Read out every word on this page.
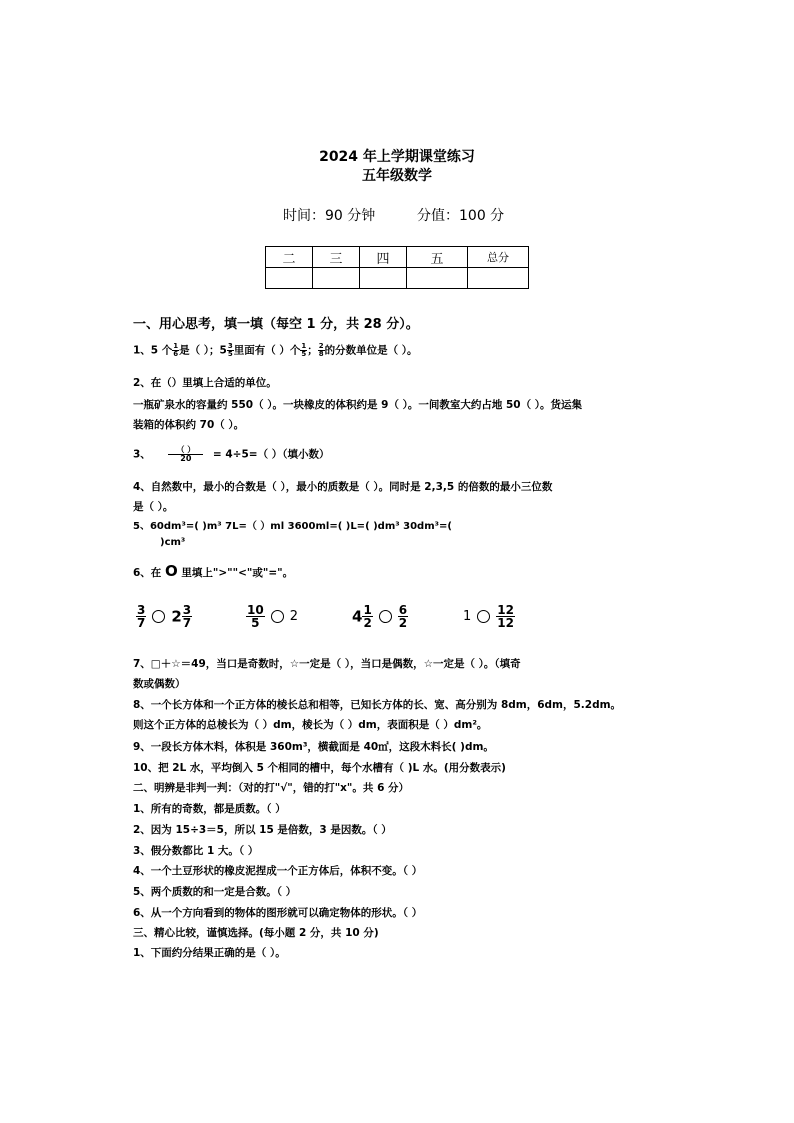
2024 年上学期课堂练习
五年级数学
时间：90 分钟	分值：100 分
二	三	四	五	总分

一、用心思考，填一填（每空 1 分，共 28 分）。
1、5 个 $\frac{1}{6}$ 是（ ）；$5 \frac{3}{5}$ 里面有（ ）个 $\frac{1}{5}$ ； $\frac{2}{8}$ 的分数单位是（ ）。
2、在（）里填上合适的单位。
一瓶矿泉水的容量约 550（ ）。一块橡皮的体积约是 9（ ）。一间教室大约占地 50（ ）。货运集
装箱的体积约 70（ ）。
3、 $\frac{( )}{20} = 4\div 5=$（ ）（填小数）
4、自然数中，最小的合数是（ ），最小的质数是（ ）。同时是 2,3,5 的倍数的最小三位数
是（ ）。
5、60dm³=( )m³ 7L=（ ）ml 3600ml=( )L=( )dm³ 30dm³=(
)cm³
6、在 O 里填上">""<"或"="。
$\frac{3}{7} 2 \frac{3}{7}$	$\frac{10}{5} 2$	$4 \frac{1}{2} \frac{6}{2}$	$1 \frac{12}{12}$
7、□＋☆＝49，当口是奇数时，☆一定是（ ），当口是偶数，☆一定是（ ）。（填奇
数或偶数）
8、一个长方体和一个正方体的棱长总和相等，已知长方体的长、宽、高分别为 8dm，6dm，5.2dm。
则这个正方体的总棱长为（ ）dm，棱长为（ ）dm，表面积是（ ）dm²。
9、一段长方体木料，体积是 360m³，横截面是 40㎡，这段木料长( )dm。
10、把 2L 水，平均倒入 5 个相同的槽中，每个水槽有（ )L 水。(用分数表示)
二、明辨是非判一判：（对的打"√"，错的打"x"。共 6 分）
1、所有的奇数，都是质数。（ ）
2、因为 15÷3＝5，所以 15 是倍数，3 是因数。（ ）
3、假分数都比 1 大。（ ）
4、一个土豆形状的橡皮泥捏成一个正方体后，体积不变。（ ）
5、两个质数的和一定是合数。（ ）
6、从一个方向看到的物体的图形就可以确定物体的形状。（ ）
三、精心比较，谨慎选择。(每小题 2 分，共 10 分)
1、下面约分结果正确的是（ ）。
